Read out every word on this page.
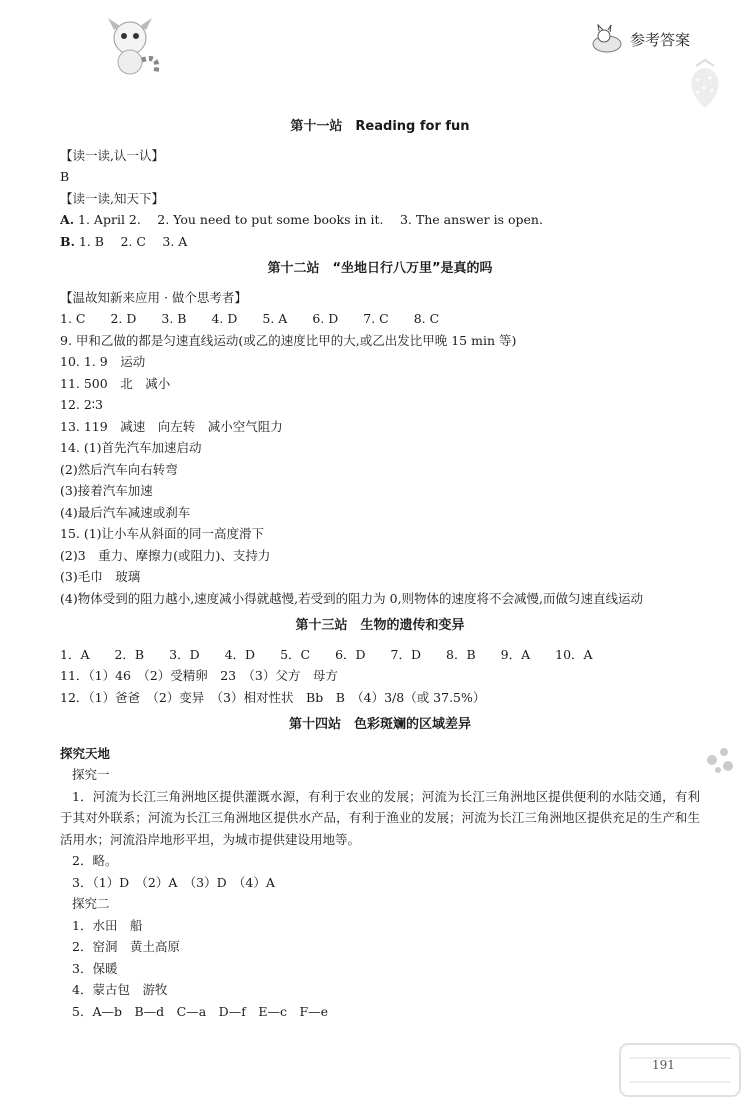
参考答案
第十一站　Reading for fun
【读一读,认一认】
B
【读一读,知天下】
A. 1. April 2.　 2. You need to put some books in it.　 3. The answer is open.
B. 1. B　 2. C　 3. A
第十二站　“坐地日行八万里”是真的吗
【温故知新来应用 · 做个思考者】
1. C　　2. D　　3. B　　4. D　　5. A　　6. D　　7. C　　8. C
9. 甲和乙做的都是匀速直线运动(或乙的速度比甲的大,或乙出发比甲晚 15 min 等)
10. 1. 9　运动
11. 500　北　减小
12. 2∶3
13. 119　减速　向左转　减小空气阻力
14. (1)首先汽车加速启动
(2)然后汽车向右转弯
(3)接着汽车加速
(4)最后汽车减速或刹车
15. (1)让小车从斜面的同一高度滑下
(2)3　重力、摩擦力(或阻力)、支持力
(3)毛巾　玻璃
(4)物体受到的阻力越小,速度减小得就越慢,若受到的阻力为 0,则物体的速度将不会减慢,而做匀速直线运动
第十三站　生物的遗传和变异
1．A　　2．B　　3．D　　4．D　　5．C　　6．D　　7．D　　8．B　　9．A　　10．A
11．（1）46　（2）受精卵　23　（3）父方　母方
12．（1）爸爸　（2）变异　（3）相对性状　Bb　B　（4）3/8（或 37.5%）
第十四站　色彩斑斓的区域差异
探究天地
探究一
1．河流为长江三角洲地区提供灌溉水源，有利于农业的发展；河流为长江三角洲地区提供便利的水陆交通，有利于其对外联系；河流为长江三角洲地区提供水产品，有利于渔业的发展；河流为长江三角洲地区提供充足的生产和生活用水；河流沿岸地形平坦，为城市提供建设用地等。
2．略。
3．（1）D　（2）A　（3）D　（4）A
探究二
1．水田　船
2．窑洞　黄土高原
3．保暖
4．蒙古包　游牧
5．A—b　B—d　C—a　D—f　E—c　F—e
191
